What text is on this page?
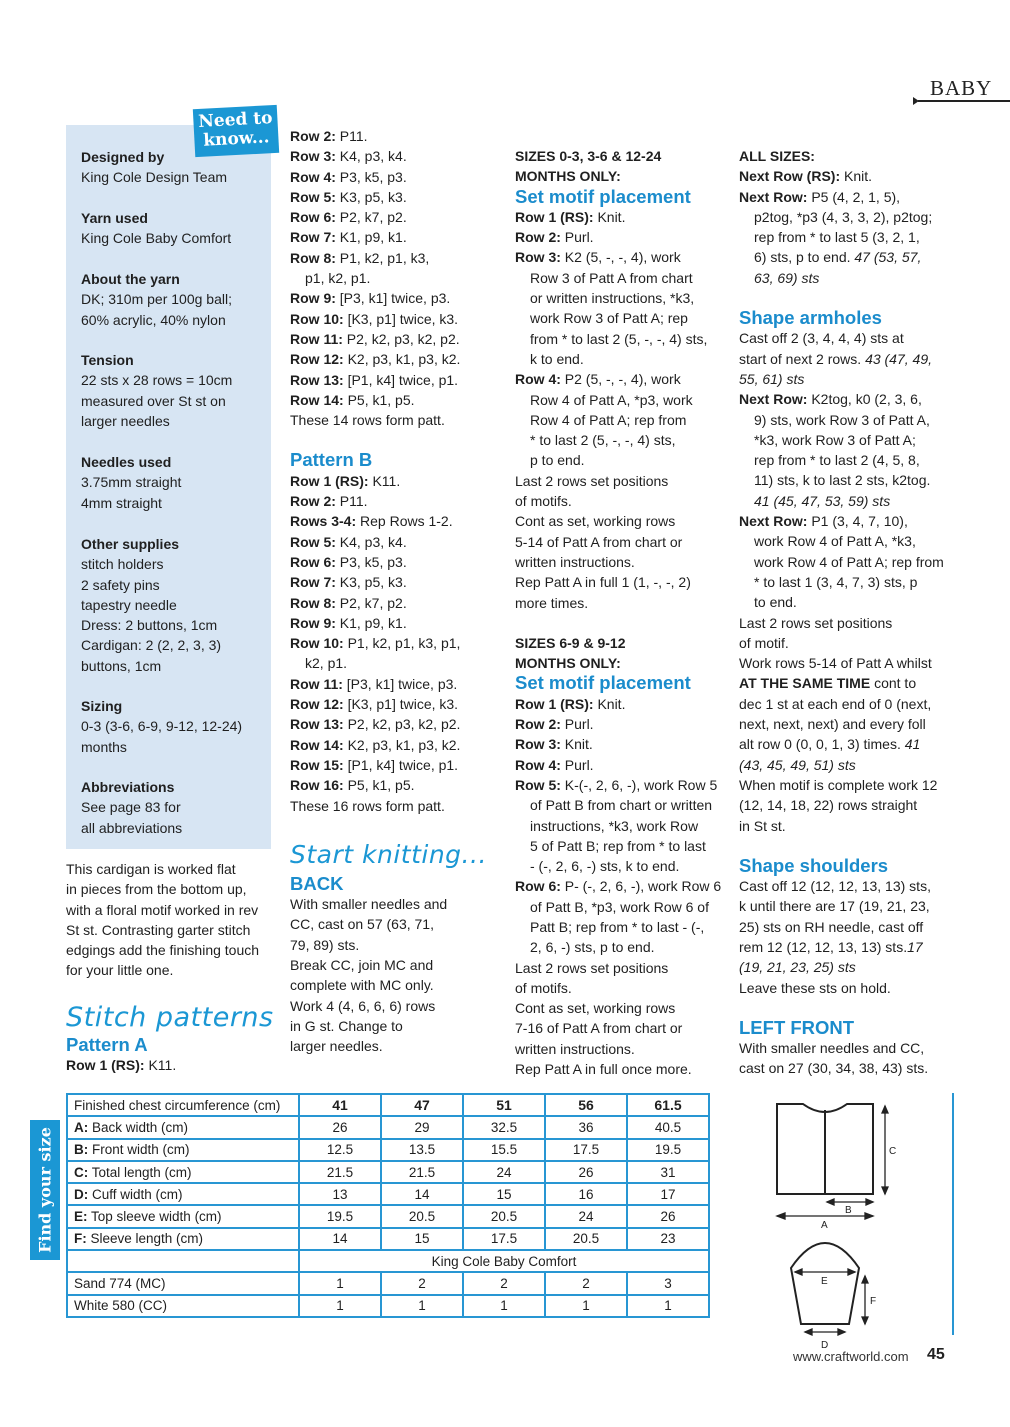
BABY
Need to know...
Designed by
King Cole Design Team
Yarn used
King Cole Baby Comfort
About the yarn
DK; 310m per 100g ball;
60% acrylic, 40% nylon
Tension
22 sts x 28 rows = 10cm
measured over St st on
larger needles
Needles used
3.75mm straight
4mm straight
Other supplies
stitch holders
2 safety pins
tapestry needle
Dress: 2 buttons, 1cm
Cardigan: 2 (2, 2, 3, 3)
buttons, 1cm
Sizing
0-3 (3-6, 6-9, 9-12, 12-24)
months
Abbreviations
See page 83 for
all abbreviations

This cardigan is worked flat

in pieces from the bottom up,

with a floral motif worked in rev

St st. Contrasting garter stitch

edgings add the finishing touch

for your little one.

Stitch patterns

Pattern A

Row 1 (RS): K11.

Row 2: P11.

Row 3: K4, p3, k4.

Row 4: P3, k5, p3.

Row 5: K3, p5, k3.

Row 6: P2, k7, p2.

Row 7: K1, p9, k1.

Row 8: P1, k2, p1, k3,

p1, k2, p1.

Row 9: [P3, k1] twice, p3.

Row 10: [K3, p1] twice, k3.

Row 11: P2, k2, p3, k2, p2.

Row 12: K2, p3, k1, p3, k2.

Row 13: [P1, k4] twice, p1.

Row 14: P5, k1, p5.

These 14 rows form patt.

Pattern B

Row 1 (RS): K11.

Row 2: P11.

Rows 3-4: Rep Rows 1-2.

Row 5: K4, p3, k4.

Row 6: P3, k5, p3.

Row 7: K3, p5, k3.

Row 8: P2, k7, p2.

Row 9: K1, p9, k1.

Row 10: P1, k2, p1, k3, p1,

k2, p1.

Row 11: [P3, k1] twice, p3.

Row 12: [K3, p1] twice, k3.

Row 13: P2, k2, p3, k2, p2.

Row 14: K2, p3, k1, p3, k2.

Row 15: [P1, k4] twice, p1.

Row 16: P5, k1, p5.

These 16 rows form patt.

Start knitting...

BACK

With smaller needles and

CC, cast on 57 (63, 71,

79, 89) sts.

Break CC, join MC and

complete with MC only.

Work 4 (4, 6, 6, 6) rows

in G st. Change to

larger needles.

SIZES 0-3, 3-6 & 12-24

MONTHS ONLY:

Set motif placement

Row 1 (RS): Knit.

Row 2: Purl.

Row 3: K2 (5, -, -, 4), work

Row 3 of Patt A from chart

or written instructions, *k3,

work Row 3 of Patt A; rep

from * to last 2 (5, -, -, 4) sts,

k to end.

Row 4: P2 (5, -, -, 4), work

Row 4 of Patt A, *p3, work

Row 4 of Patt A; rep from

* to last 2 (5, -, -, 4) sts,

p to end.

Last 2 rows set positions

of motifs.

Cont as set, working rows

5-14 of Patt A from chart or

written instructions.

Rep Patt A in full 1 (1, -, -, 2)

more times.

SIZES 6-9 & 9-12

MONTHS ONLY:

Set motif placement

Row 1 (RS): Knit.

Row 2: Purl.

Row 3: Knit.

Row 4: Purl.

Row 5: K-(-, 2, 6, -), work Row 5

of Patt B from chart or written

instructions, *k3, work Row

5 of Patt B; rep from * to last

- (-, 2, 6, -) sts, k to end.

Row 6: P- (-, 2, 6, -), work Row 6

of Patt B, *p3, work Row 6 of

Patt B; rep from * to last - (-,

2, 6, -) sts, p to end.

Last 2 rows set positions

of motifs.

Cont as set, working rows

7-16 of Patt A from chart or

written instructions.

Rep Patt A in full once more.

ALL SIZES:

Next Row (RS): Knit.

Next Row: P5 (4, 2, 1, 5),

p2tog, *p3 (4, 3, 3, 2), p2tog;

rep from * to last 5 (3, 2, 1,

6) sts, p to end. 47 (53, 57,

63, 69) sts

Shape armholes

Cast off 2 (3, 4, 4, 4) sts at

start of next 2 rows. 43 (47, 49,

55, 61) sts

Next Row: K2tog, k0 (2, 3, 6,

9) sts, work Row 3 of Patt A,

*k3, work Row 3 of Patt A;

rep from * to last 2 (4, 5, 8,

11) sts, k to last 2 sts, k2tog.

41 (45, 47, 53, 59) sts

Next Row: P1 (3, 4, 7, 10),

work Row 4 of Patt A, *k3,

work Row 4 of Patt A; rep from

* to last 1 (3, 4, 7, 3) sts, p

to end.

Last 2 rows set positions

of motif.

Work rows 5-14 of Patt A whilst

AT THE SAME TIME cont to

dec 1 st at each end of 0 (next,

next, next, next) and every foll

alt row 0 (0, 0, 1, 3) times. 41

(43, 45, 49, 51) sts

When motif is complete work 12

(12, 14, 18, 22) rows straight

in St st.

Shape shoulders

Cast off 12 (12, 12, 13, 13) sts,

k until there are 17 (19, 21, 23,

25) sts on RH needle, cast off

rem 12 (12, 12, 13, 13) sts.17

(19, 21, 23, 25) sts

Leave these sts on hold.

LEFT FRONT

With smaller needles and CC,

cast on 27 (30, 34, 38, 43) sts.

Find your size
Finished chest circumference (cm)	41	47	51	56	61.5
A: Back width (cm)	26	29	32.5	36	40.5
B: Front width (cm)	12.5	13.5	15.5	17.5	19.5
C: Total length (cm)	21.5	21.5	24	26	31
D: Cuff width (cm)	13	14	15	16	17
E: Top sleeve width (cm)	19.5	20.5	20.5	24	26
F: Sleeve length (cm)	14	15	17.5	20.5	23
	King Cole Baby Comfort				
Sand 774 (MC)	1	2	2	2	3
White 580 (CC)	1	1	1	1	1
A
B
C
D
E
F
www.craftworld.com 45
